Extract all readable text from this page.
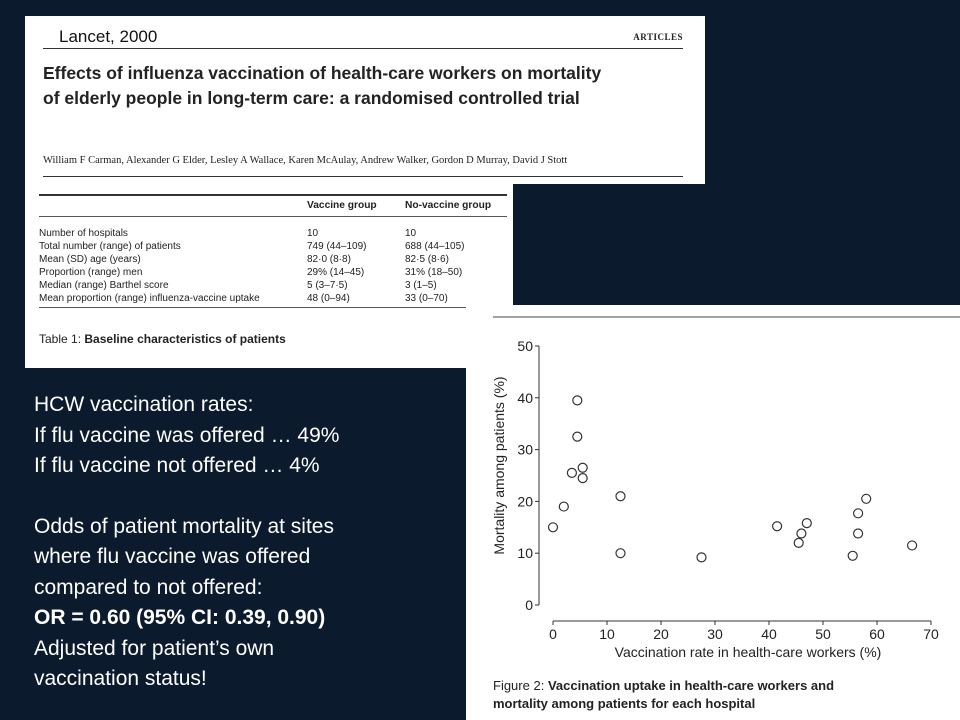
Lancet, 2000	ARTICLES
Effects of influenza vaccination of health-care workers on mortality
of elderly people in long-term care: a randomised controlled trial
William F Carman, Alexander G Elder, Lesley A Wallace, Karen McAulay, Andrew Walker, Gordon D Murray, David J Stott
	Vaccine group	No-vaccine group
Number of hospitals	10	10
Total number (range) of patients	749 (44–109)	688 (44–105)
Mean (SD) age (years)	82·0 (8·8)	82·5 (8·6)
Proportion (range) men	29% (14–45)	31% (18–50)
Median (range) Barthel score	5 (3–7·5)	3 (1–5)
Mean proportion (range) influenza-vaccine uptake	48 (0–94)	33 (0–70)
Table 1: Baseline characteristics of patients
0
10
20
30
40
50
0	10	20	30	40	50	60	70
Vaccination rate in health-care workers (%)
Mortality among patients (%)
Figure 2: Vaccination uptake in health-care workers and
mortality among patients for each hospital
HCW vaccination rates:
If flu vaccine was offered … 49%
If flu vaccine not offered … 4%
Odds of patient mortality at sites
where flu vaccine was offered
compared to not offered:
OR = 0.60 (95% CI: 0.39, 0.90)
Adjusted for patient’s own
vaccination status!
